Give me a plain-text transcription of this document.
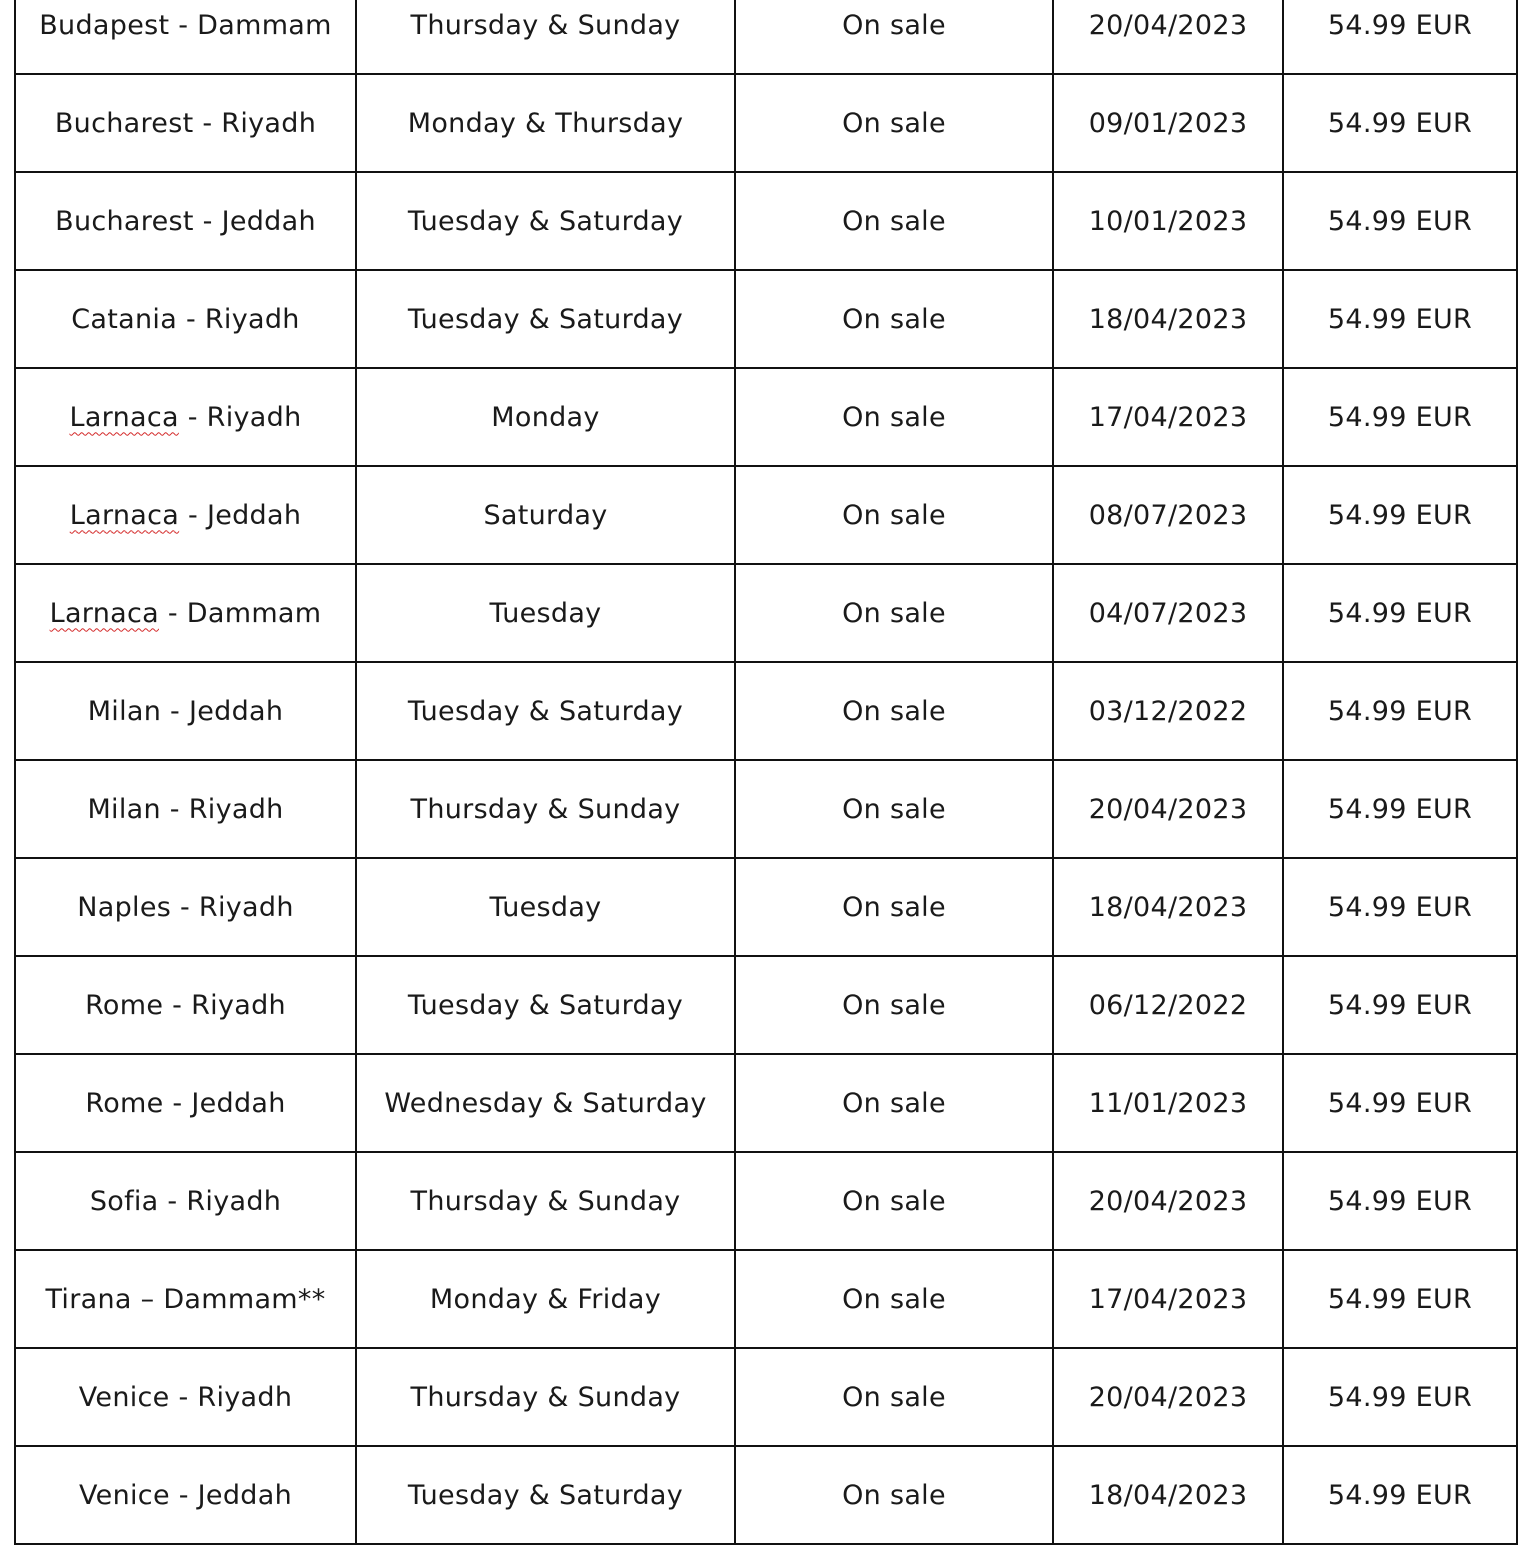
Budapest - Dammam	Thursday & Sunday	On sale	20/04/2023	54.99 EUR
Bucharest - Riyadh	Monday & Thursday	On sale	09/01/2023	54.99 EUR
Bucharest - Jeddah	Tuesday & Saturday	On sale	10/01/2023	54.99 EUR
Catania - Riyadh	Tuesday & Saturday	On sale	18/04/2023	54.99 EUR
Larnaca - Riyadh	Monday	On sale	17/04/2023	54.99 EUR
Larnaca - Jeddah	Saturday	On sale	08/07/2023	54.99 EUR
Larnaca - Dammam	Tuesday	On sale	04/07/2023	54.99 EUR
Milan - Jeddah	Tuesday & Saturday	On sale	03/12/2022	54.99 EUR
Milan - Riyadh	Thursday & Sunday	On sale	20/04/2023	54.99 EUR
Naples - Riyadh	Tuesday	On sale	18/04/2023	54.99 EUR
Rome - Riyadh	Tuesday & Saturday	On sale	06/12/2022	54.99 EUR
Rome - Jeddah	Wednesday & Saturday	On sale	11/01/2023	54.99 EUR
Sofia - Riyadh	Thursday & Sunday	On sale	20/04/2023	54.99 EUR
Tirana – Dammam**	Monday & Friday	On sale	17/04/2023	54.99 EUR
Venice - Riyadh	Thursday & Sunday	On sale	20/04/2023	54.99 EUR
Venice - Jeddah	Tuesday & Saturday	On sale	18/04/2023	54.99 EUR
